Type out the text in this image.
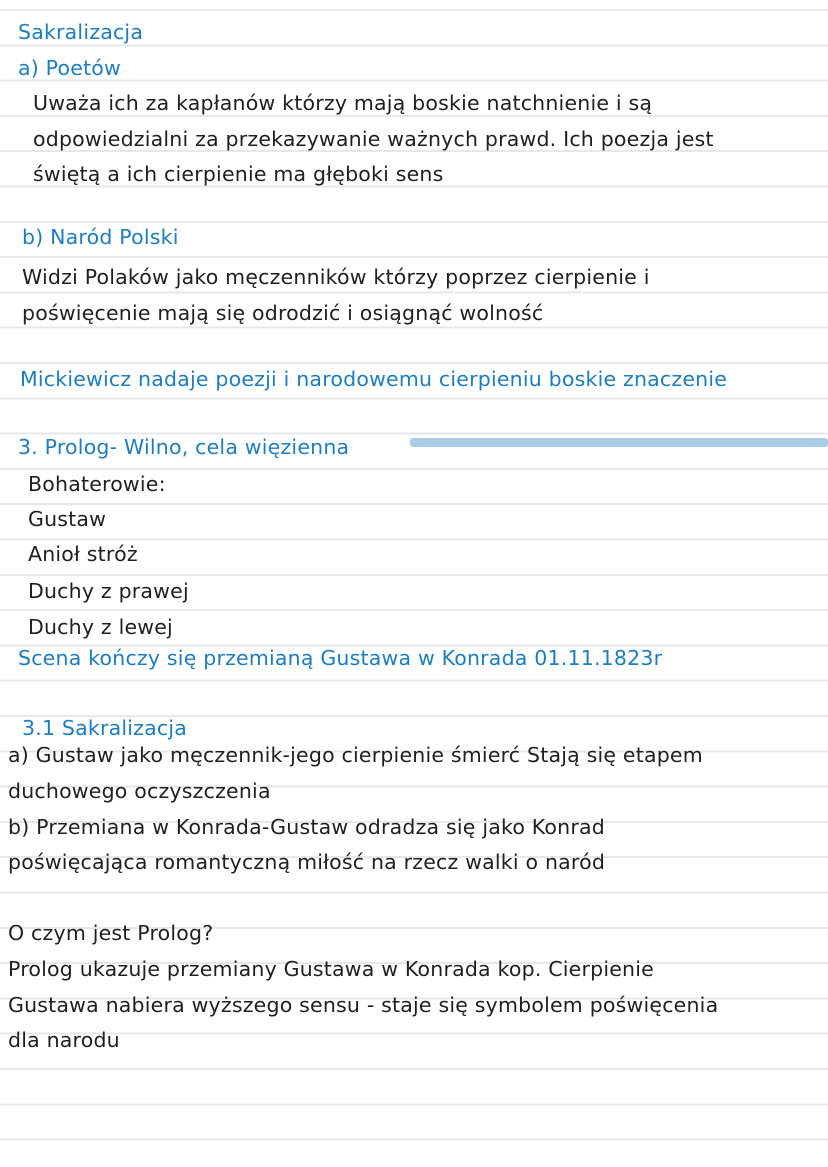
Sakralizacja
a) Poetów
Uważa ich za kapłanów którzy mają boskie natchnienie i są
odpowiedzialni za przekazywanie ważnych prawd. Ich poezja jest
świętą a ich cierpienie ma głęboki sens
b) Naród Polski
Widzi Polaków jako męczenników którzy poprzez cierpienie i
poświęcenie mają się odrodzić i osiągnąć wolność
Mickiewicz nadaje poezji i narodowemu cierpieniu boskie znaczenie
3. Prolog- Wilno, cela więzienna
Bohaterowie:
Gustaw
Anioł stróż
Duchy z prawej
Duchy z lewej
Scena kończy się przemianą Gustawa w Konrada 01.11.1823r
3.1 Sakralizacja
a) Gustaw jako męczennik-jego cierpienie śmierć Stają się etapem
duchowego oczyszczenia
b) Przemiana w Konrada-Gustaw odradza się jako Konrad
poświęcająca romantyczną miłość na rzecz walki o naród
O czym jest Prolog?
Prolog ukazuje przemiany Gustawa w Konrada kop. Cierpienie
Gustawa nabiera wyższego sensu - staje się symbolem poświęcenia
dla narodu
